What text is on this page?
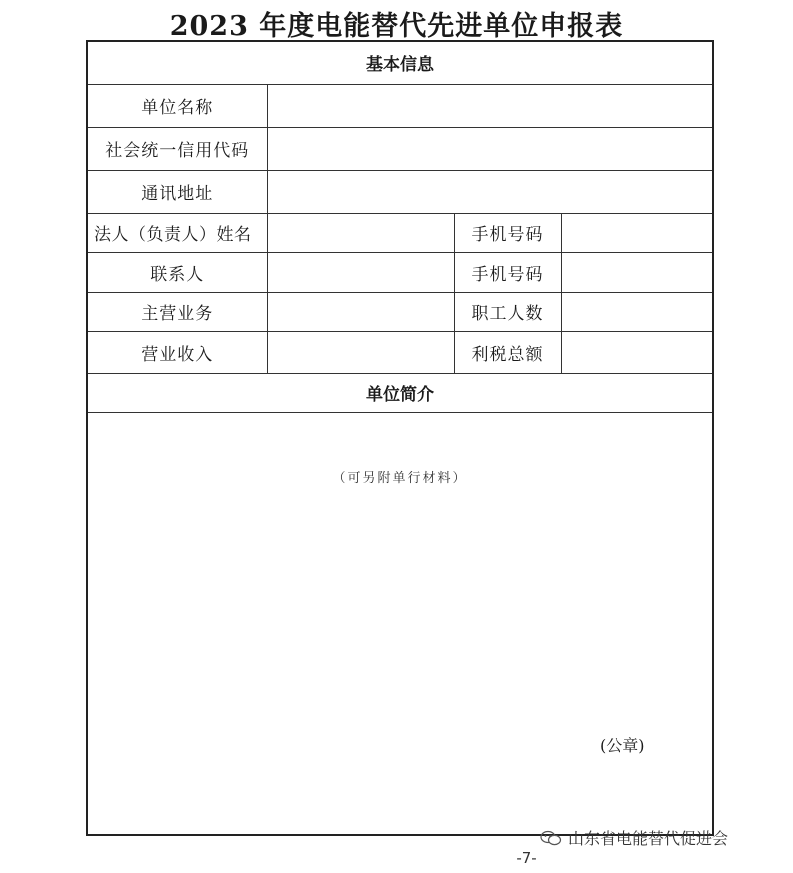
2023 年度电能替代先进单位申报表
基本信息			
单位名称			
社会统一信用代码			
通讯地址			
法人（负责人）姓名		手机号码	
联系人		手机号码	
主营业务		职工人数	
营业收入		利税总额	
单位简介			

（可另附单行材料）
(公章)			
山东省电能替代促进会
-7-
